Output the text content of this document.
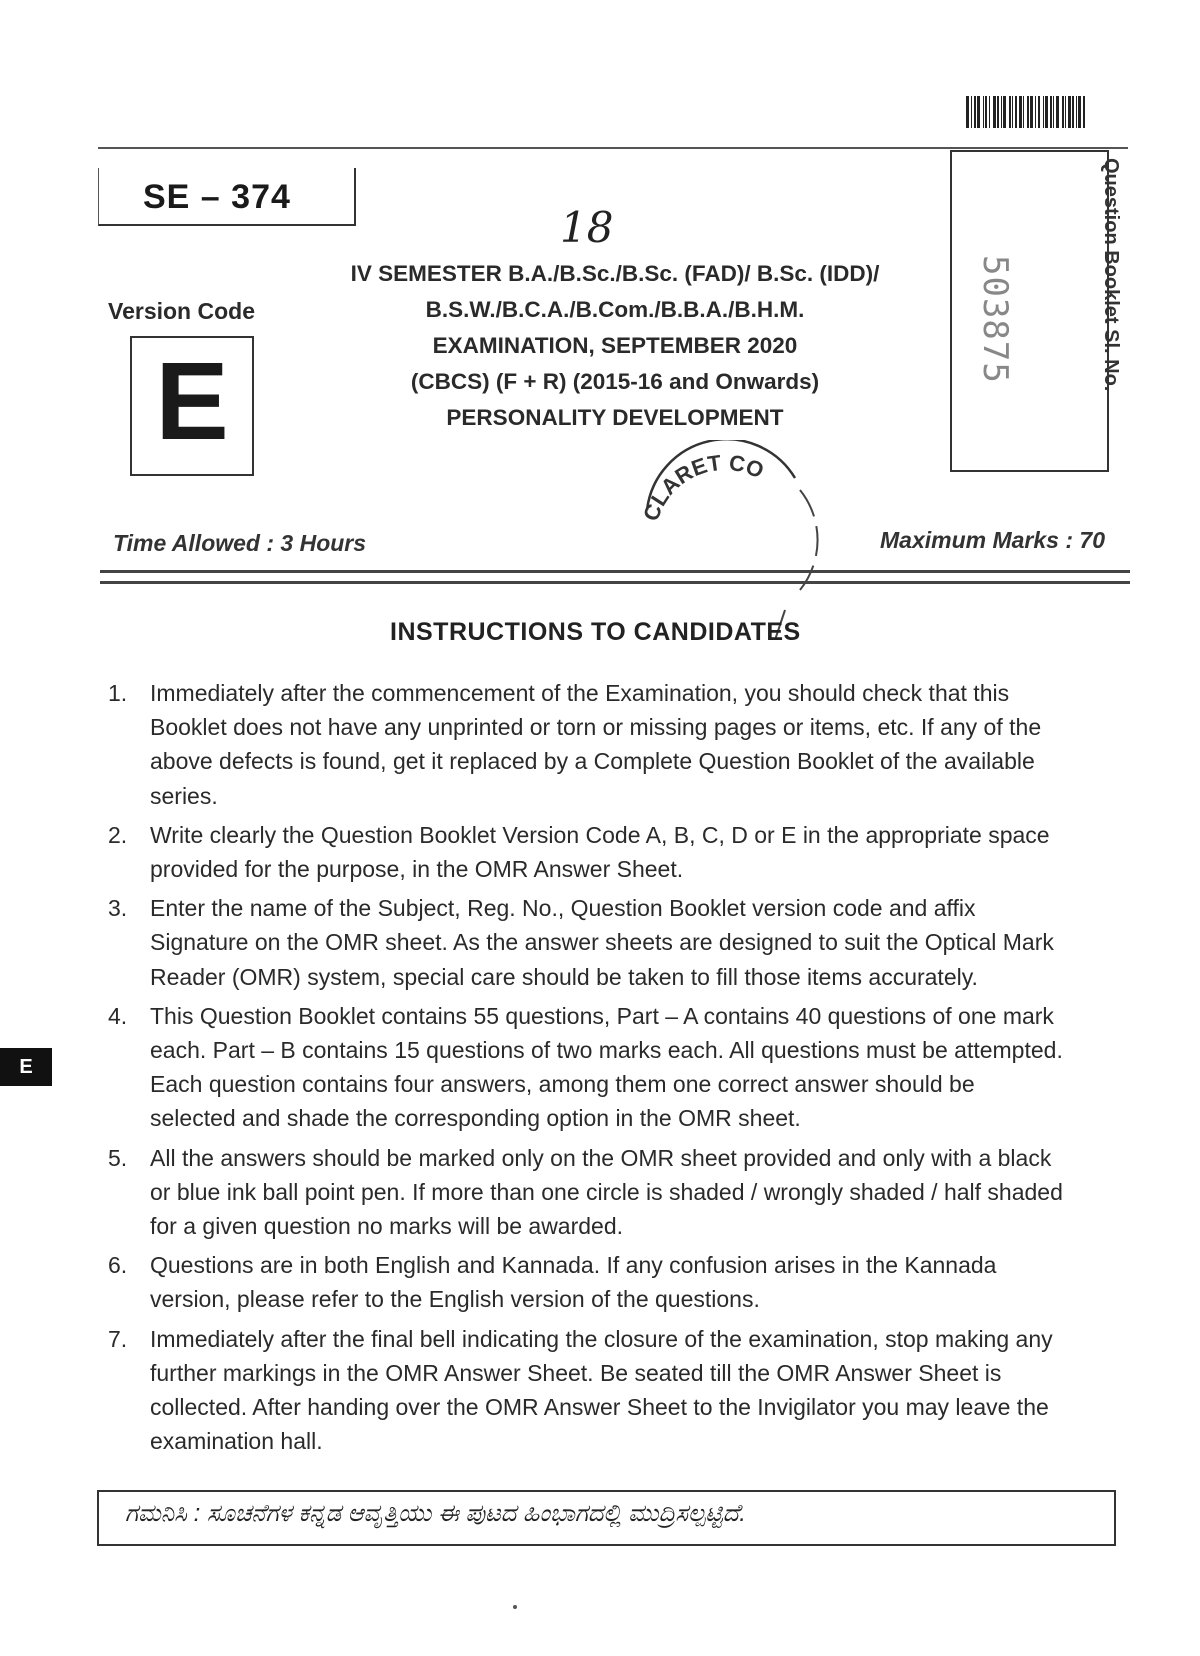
SE – 374
18
IV SEMESTER B.A./B.Sc./B.Sc. (FAD)/ B.Sc. (IDD)/
B.S.W./B.C.A./B.Com./B.B.A./B.H.M.
EXAMINATION, SEPTEMBER 2020
(CBCS) (F + R) (2015-16 and Onwards)
PERSONALITY DEVELOPMENT
Version Code
E
503875	Question Booklet Sl. No.
CLARET CO
Time Allowed : 3 Hours	Maximum Marks : 70
INSTRUCTIONS TO CANDIDATES
1. Immediately after the commencement of the Examination, you should check that this Booklet does not have any unprinted or torn or missing pages or items, etc. If any of the above defects is found, get it replaced by a Complete Question Booklet of the available series.
2. Write clearly the Question Booklet Version Code A, B, C, D or E in the appropriate space provided for the purpose, in the OMR Answer Sheet.
3. Enter the name of the Subject, Reg. No., Question Booklet version code and affix Signature on the OMR sheet. As the answer sheets are designed to suit the Optical Mark Reader (OMR) system, special care should be taken to fill those items accurately.
4. This Question Booklet contains 55 questions, Part – A contains 40 questions of one mark each. Part – B contains 15 questions of two marks each. All questions must be attempted. Each question contains four answers, among them one correct answer should be selected and shade the corresponding option in the OMR sheet.
5. All the answers should be marked only on the OMR sheet provided and only with a black or blue ink ball point pen. If more than one circle is shaded / wrongly shaded / half shaded for a given question no marks will be awarded.
6. Questions are in both English and Kannada. If any confusion arises in the Kannada version, please refer to the English version of the questions.
7. Immediately after the final bell indicating the closure of the examination, stop making any further markings in the OMR Answer Sheet. Be seated till the OMR Answer Sheet is collected. After handing over the OMR Answer Sheet to the Invigilator you may leave the examination hall.
ಗಮನಿಸಿ : ಸೂಚನೆಗಳ ಕನ್ನಡ ಆವೃತ್ತಿಯು ಈ ಪುಟದ ಹಿಂಭಾಗದಲ್ಲಿ ಮುದ್ರಿಸಲ್ಪಟ್ಟಿದೆ.
E
